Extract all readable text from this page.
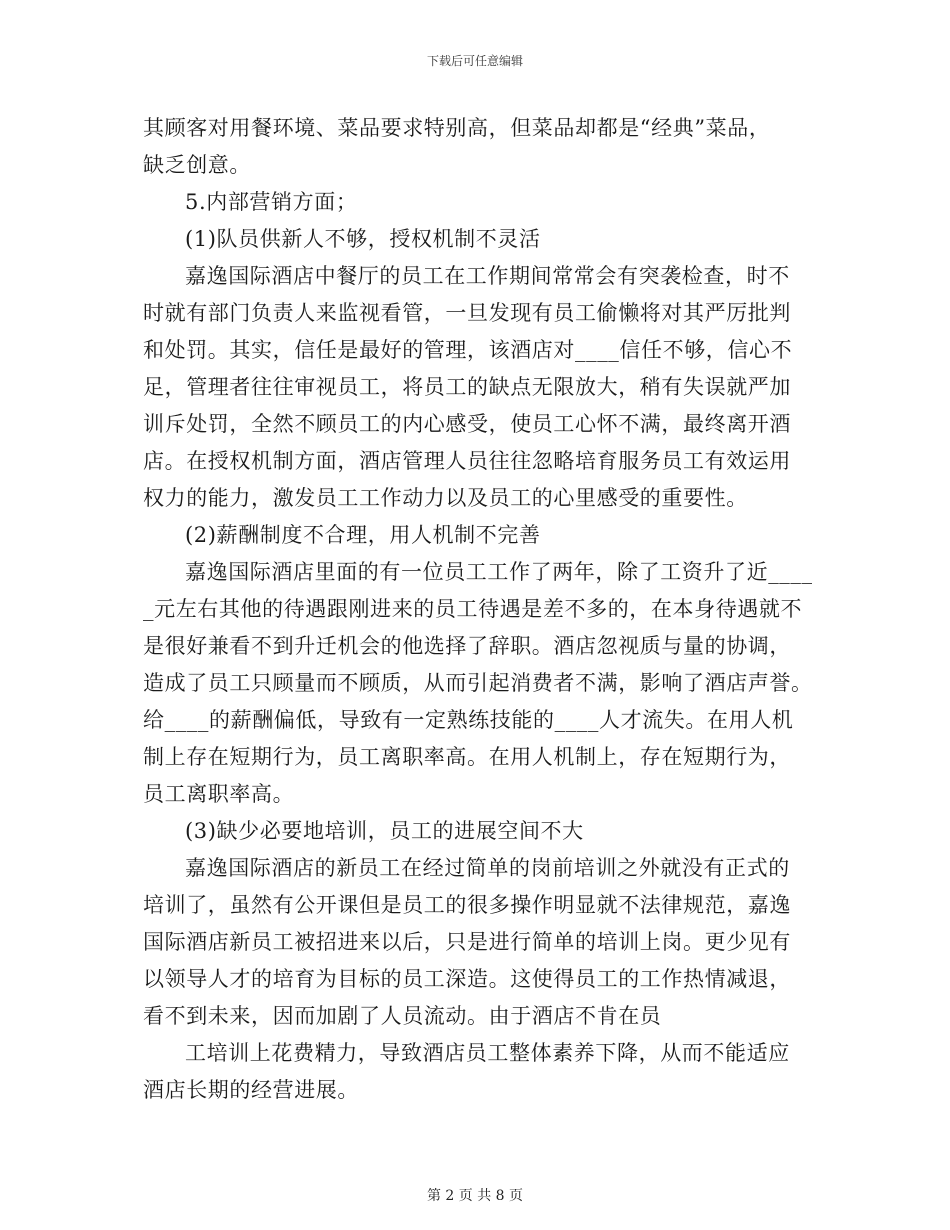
下载后可任意编辑
其顾客对用餐环境、菜品要求特别高，但菜品却都是“经典”菜品，
缺乏创意。
5.内部营销方面；
(1)队员供新人不够，授权机制不灵活
嘉逸国际酒店中餐厅的员工在工作期间常常会有突袭检查，时不
时就有部门负责人来监视看管，一旦发现有员工偷懒将对其严厉批判
和处罚。其实，信任是最好的管理，该酒店对____信任不够，信心不
足，管理者往往审视员工，将员工的缺点无限放大，稍有失误就严加
训斥处罚，全然不顾员工的内心感受，使员工心怀不满，最终离开酒
店。在授权机制方面，酒店管理人员往往忽略培育服务员工有效运用
权力的能力，激发员工工作动力以及员工的心里感受的重要性。
(2)薪酬制度不合理，用人机制不完善
嘉逸国际酒店里面的有一位员工工作了两年，除了工资升了近____
_元左右其他的待遇跟刚进来的员工待遇是差不多的，在本身待遇就不
是很好兼看不到升迁机会的他选择了辞职。酒店忽视质与量的协调，
造成了员工只顾量而不顾质，从而引起消费者不满，影响了酒店声誉。
给____的薪酬偏低，导致有一定熟练技能的____人才流失。在用人机
制上存在短期行为，员工离职率高。在用人机制上，存在短期行为，
员工离职率高。
(3)缺少必要地培训，员工的进展空间不大
嘉逸国际酒店的新员工在经过简单的岗前培训之外就没有正式的
培训了，虽然有公开课但是员工的很多操作明显就不法律规范，嘉逸
国际酒店新员工被招进来以后，只是进行简单的培训上岗。更少见有
以领导人才的培育为目标的员工深造。这使得员工的工作热情减退，
看不到未来，因而加剧了人员流动。由于酒店不肯在员
工培训上花费精力，导致酒店员工整体素养下降，从而不能适应
酒店长期的经营进展。
第 2 页 共 8 页
